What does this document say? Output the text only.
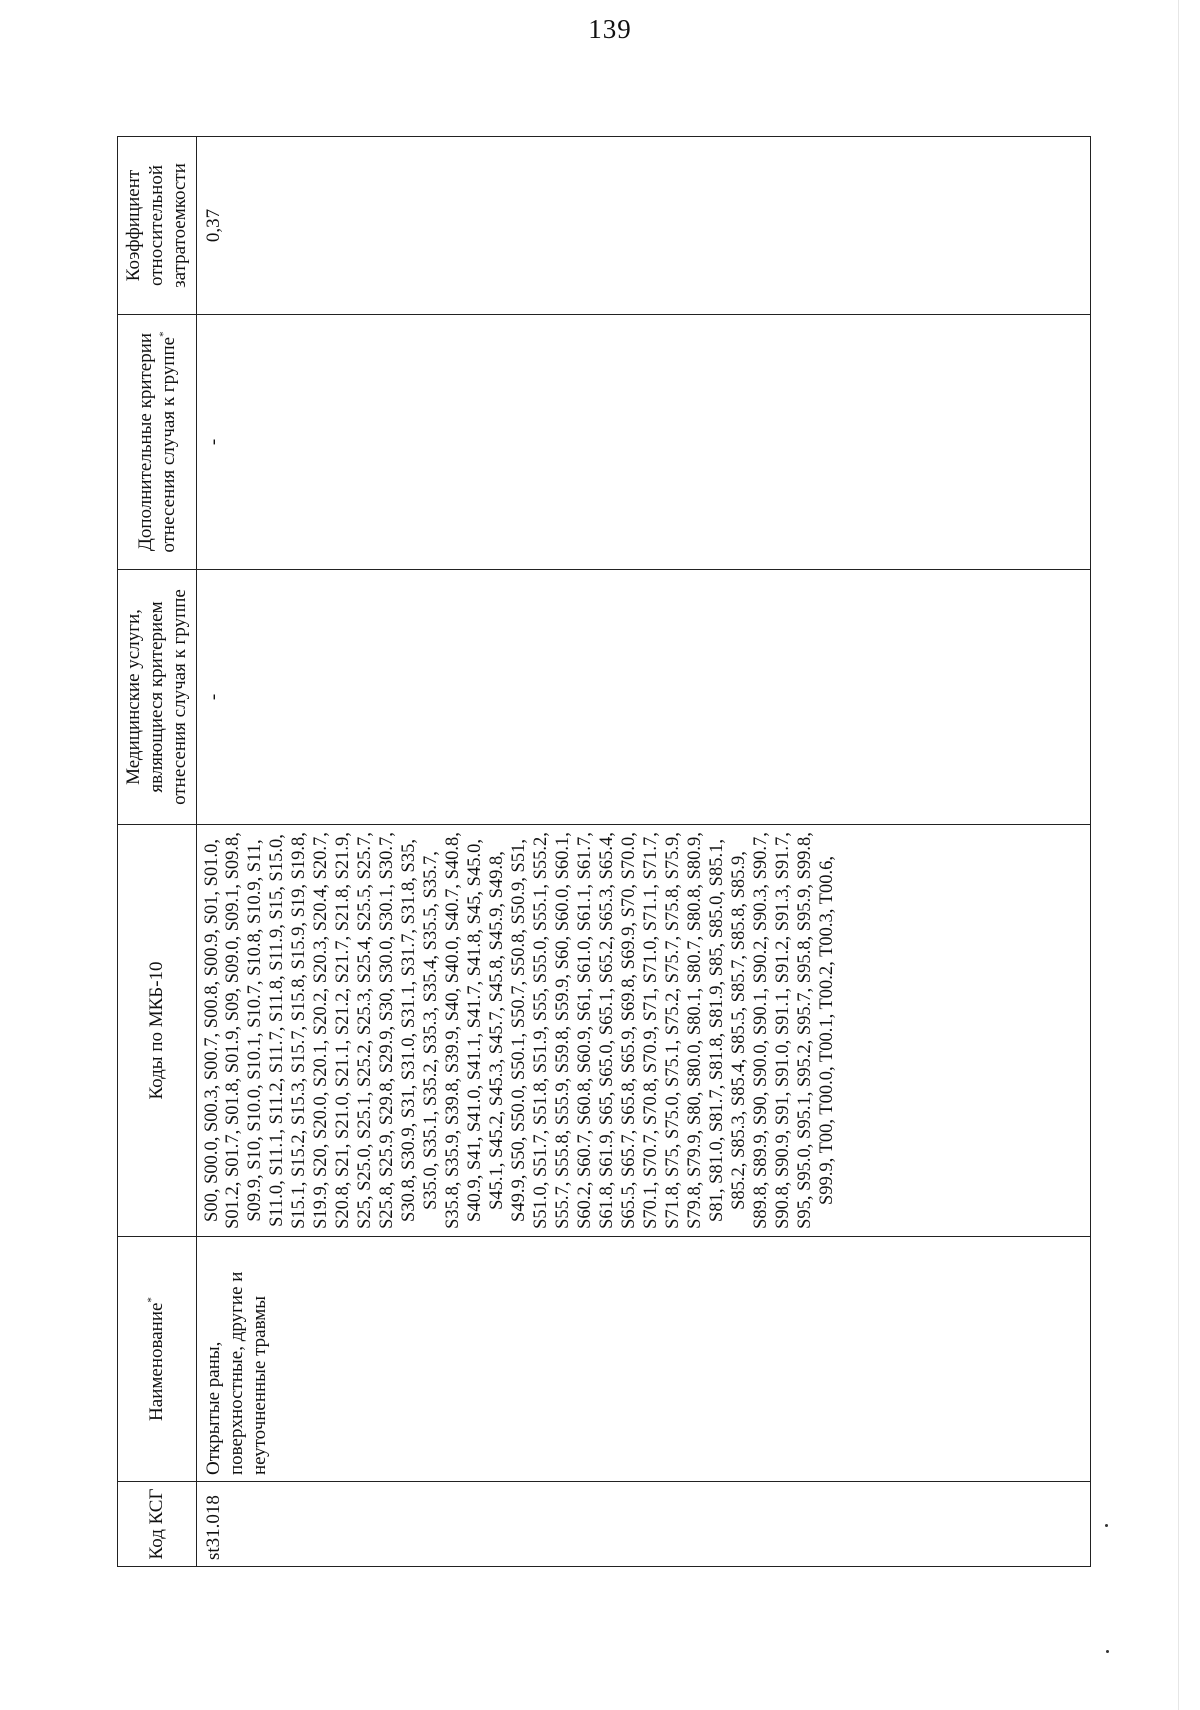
139
Код КСГ	Наименование*	Коды по МКБ-10	Медицинские услуги, являющиеся критерием отнесения случая к группе	Дополнительные критерии отнесения случая к группе*	Коэффициент относительной затратоемкости
st31.018	Открытые раны, поверхностные, другие и неуточненные травмы	S00, S00.0, S00.3, S00.7, S00.8, S00.9, S01, S01.0, S01.2, S01.7, S01.8, S01.9, S09, S09.0, S09.1, S09.8, S09.9, S10, S10.0, S10.1, S10.7, S10.8, S10.9, S11, S11.0, S11.1, S11.2, S11.7, S11.8, S11.9, S15, S15.0, S15.1, S15.2, S15.3, S15.7, S15.8, S15.9, S19, S19.8, S19.9, S20, S20.0, S20.1, S20.2, S20.3, S20.4, S20.7, S20.8, S21, S21.0, S21.1, S21.2, S21.7, S21.8, S21.9, S25, S25.0, S25.1, S25.2, S25.3, S25.4, S25.5, S25.7, S25.8, S25.9, S29.8, S29.9, S30, S30.0, S30.1, S30.7, S30.8, S30.9, S31, S31.0, S31.1, S31.7, S31.8, S35, S35.0, S35.1, S35.2, S35.3, S35.4, S35.5, S35.7, S35.8, S35.9, S39.8, S39.9, S40, S40.0, S40.7, S40.8, S40.9, S41, S41.0, S41.1, S41.7, S41.8, S45, S45.0, S45.1, S45.2, S45.3, S45.7, S45.8, S45.9, S49.8, S49.9, S50, S50.0, S50.1, S50.7, S50.8, S50.9, S51, S51.0, S51.7, S51.8, S51.9, S55, S55.0, S55.1, S55.2, S55.7, S55.8, S55.9, S59.8, S59.9, S60, S60.0, S60.1, S60.2, S60.7, S60.8, S60.9, S61, S61.0, S61.1, S61.7, S61.8, S61.9, S65, S65.0, S65.1, S65.2, S65.3, S65.4, S65.5, S65.7, S65.8, S65.9, S69.8, S69.9, S70, S70.0, S70.1, S70.7, S70.8, S70.9, S71, S71.0, S71.1, S71.7, S71.8, S75, S75.0, S75.1, S75.2, S75.7, S75.8, S75.9, S79.8, S79.9, S80, S80.0, S80.1, S80.7, S80.8, S80.9, S81, S81.0, S81.7, S81.8, S81.9, S85, S85.0, S85.1, S85.2, S85.3, S85.4, S85.5, S85.7, S85.8, S85.9, S89.8, S89.9, S90, S90.0, S90.1, S90.2, S90.3, S90.7, S90.8, S90.9, S91, S91.0, S91.1, S91.2, S91.3, S91.7, S95, S95.0, S95.1, S95.2, S95.7, S95.8, S95.9, S99.8, S99.9, T00, T00.0, T00.1, T00.2, T00.3, T00.6,	-	-	0,37
